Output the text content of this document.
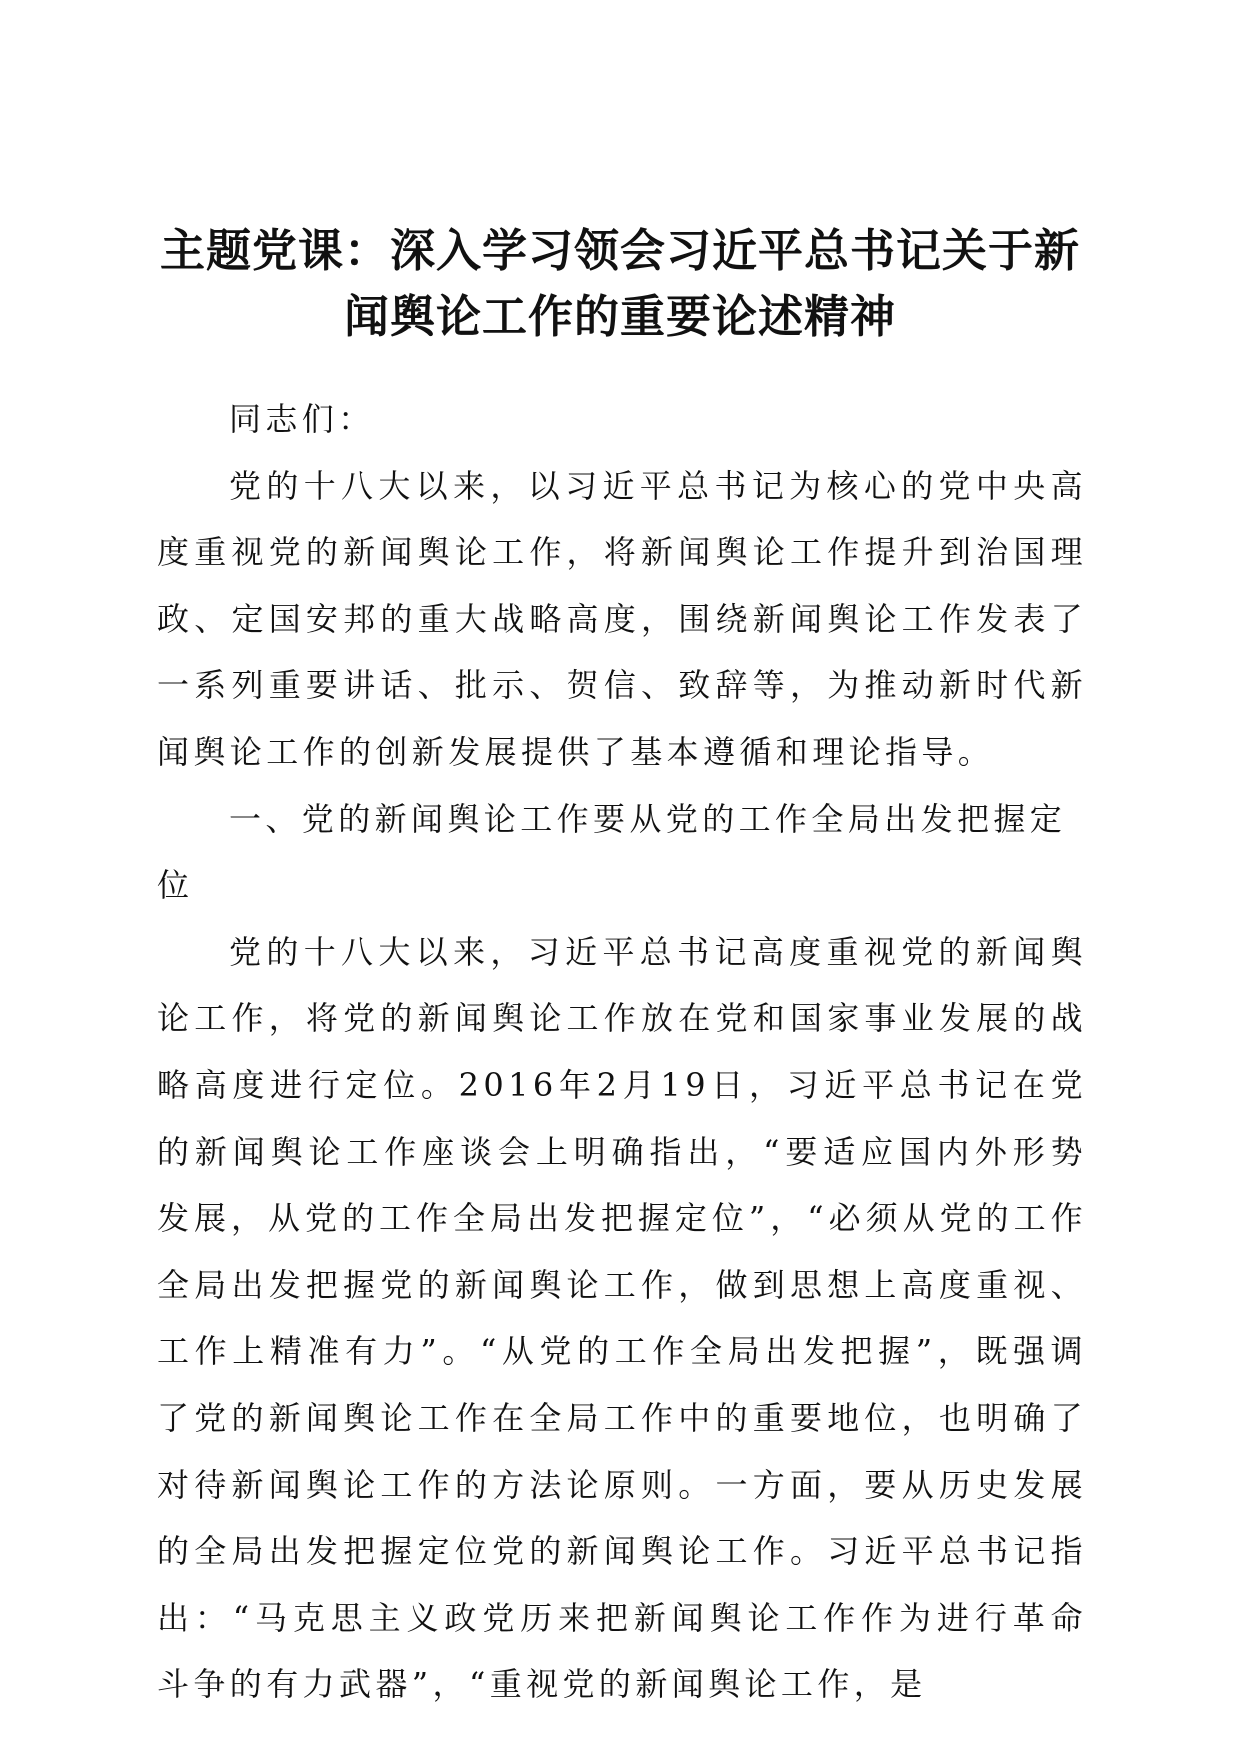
主题党课：深入学习领会习近平总书记关于新
闻舆论工作的重要论述精神

同志们：

党的十八大以来，以习近平总书记为核心的党中央高度重视党的新闻舆论工作，将新闻舆论工作提升到治国理政、定国安邦的重大战略高度，围绕新闻舆论工作发表了一系列重要讲话、批示、贺信、致辞等，为推动新时代新闻舆论工作的创新发展提供了基本遵循和理论指导。

一、党的新闻舆论工作要从党的工作全局出发把握定位

党的十八大以来，习近平总书记高度重视党的新闻舆论工作，将党的新闻舆论工作放在党和国家事业发展的战略高度进行定位。2016年2月19日，习近平总书记在党的新闻舆论工作座谈会上明确指出，“要适应国内外形势发展，从党的工作全局出发把握定位”，“必须从党的工作全局出发把握党的新闻舆论工作，做到思想上高度重视、工作上精准有力”。“从党的工作全局出发把握”，既强调了党的新闻舆论工作在全局工作中的重要地位，也明确了对待新闻舆论工作的方法论原则。一方面，要从历史发展的全局出发把握定位党的新闻舆论工作。习近平总书记指出：“马克思主义政党历来把新闻舆论工作作为进行革命斗争的有力武器”，“重视党的新闻舆论工作，是
